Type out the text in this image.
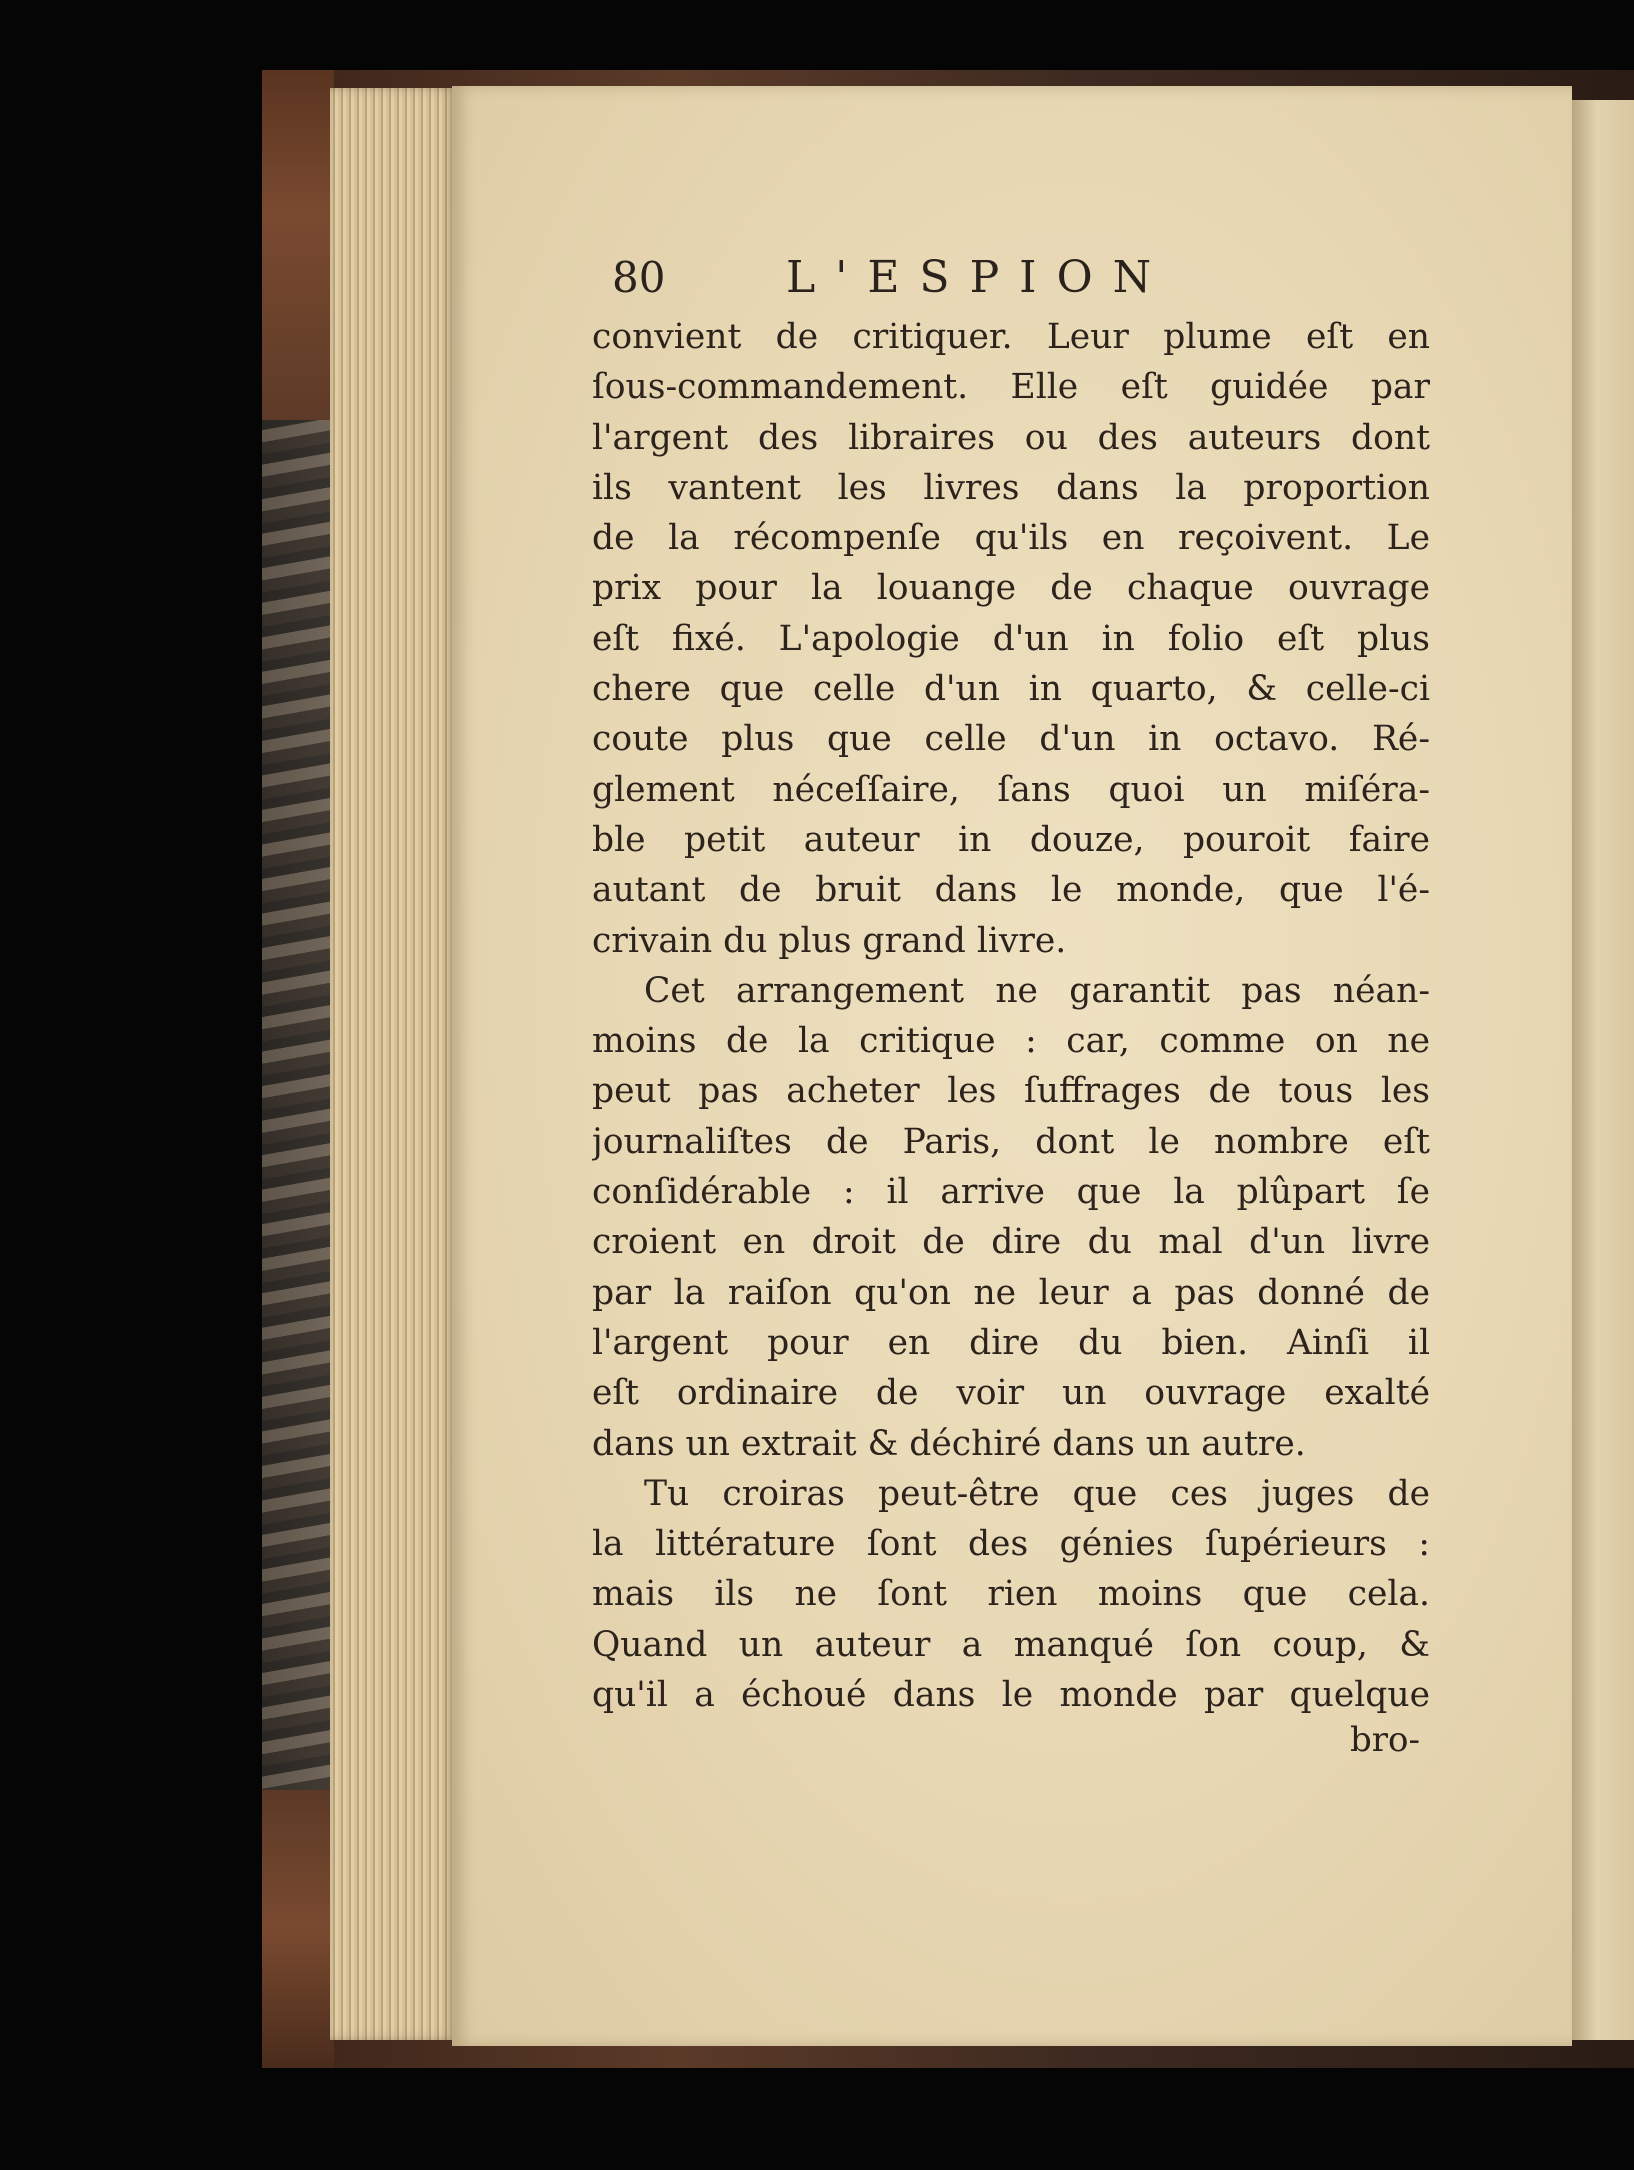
80	L'ESPION
convient de critiquer. Leur plume eſt en
ſous-commandement. Elle eſt guidée par
l'argent des libraires ou des auteurs dont
ils vantent les livres dans la proportion
de la récompenſe qu'ils en reçoivent. Le
prix pour la louange de chaque ouvrage
eſt fixé. L'apologie d'un in folio eſt plus
chere que celle d'un in quarto, & celle-ci
coute plus que celle d'un in octavo. Ré-
glement néceſſaire, ſans quoi un miſéra-
ble petit auteur in douze, pouroit faire
autant de bruit dans le monde, que l'é-
crivain du plus grand livre.
Cet arrangement ne garantit pas néan-
moins de la critique : car, comme on ne
peut pas acheter les ſuffrages de tous les
journaliſtes de Paris, dont le nombre eſt
conſidérable : il arrive que la plûpart ſe
croient en droit de dire du mal d'un livre
par la raiſon qu'on ne leur a pas donné de
l'argent pour en dire du bien. Ainſi il
eſt ordinaire de voir un ouvrage exalté
dans un extrait & déchiré dans un autre.
Tu croiras peut-être que ces juges de
la littérature ſont des génies ſupérieurs :
mais ils ne ſont rien moins que cela.
Quand un auteur a manqué ſon coup, &
qu'il a échoué dans le monde par quelque
bro-
